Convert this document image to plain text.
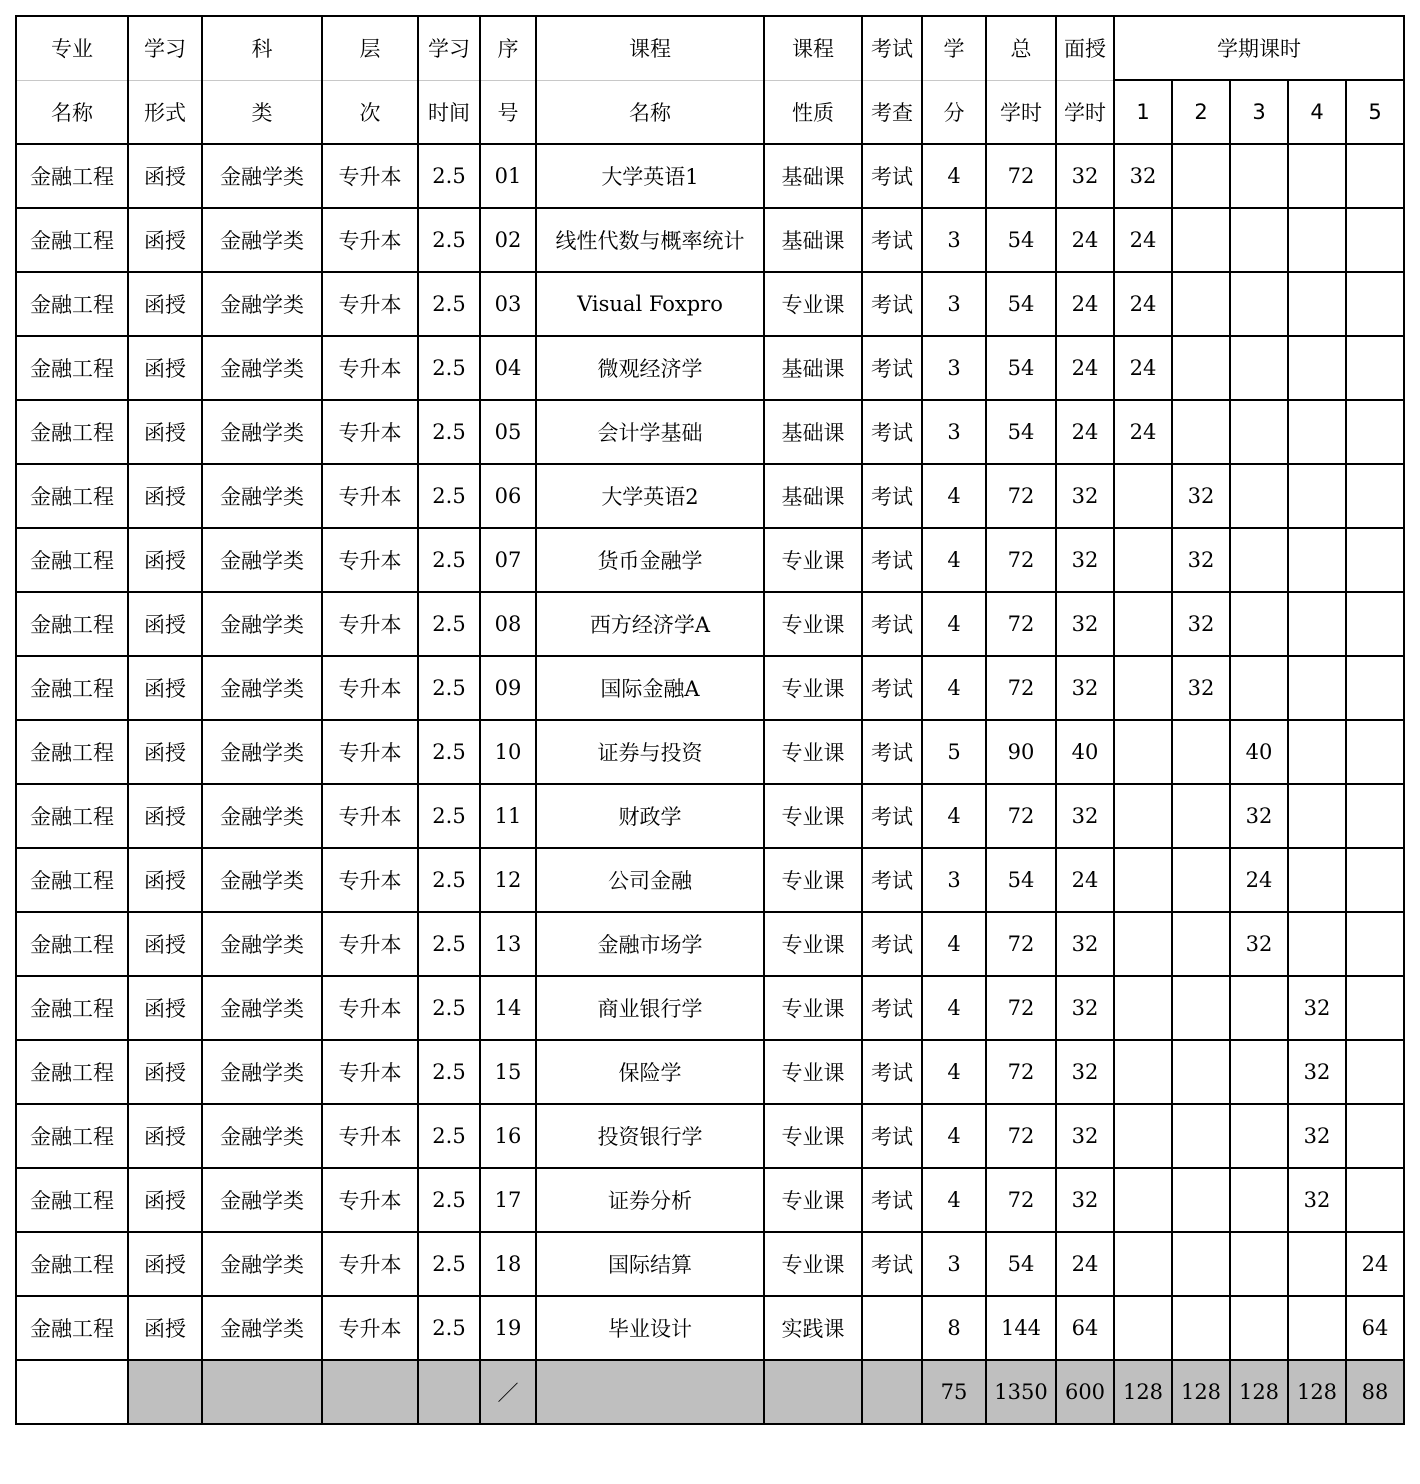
专业	学习	科	层	学习	序	课程	课程	考试	学	总	面授	学期课时				
名称	形式	类	次	时间	号	名称	性质	考查	分	学时	学时	1	2	3	4	5
金融工程	函授	金融学类	专升本	2.5	01	大学英语1	基础课	考试	4	72	32	32				
金融工程	函授	金融学类	专升本	2.5	02	线性代数与概率统计	基础课	考试	3	54	24	24				
金融工程	函授	金融学类	专升本	2.5	03	Visual Foxpro	专业课	考试	3	54	24	24				
金融工程	函授	金融学类	专升本	2.5	04	微观经济学	基础课	考试	3	54	24	24				
金融工程	函授	金融学类	专升本	2.5	05	会计学基础	基础课	考试	3	54	24	24				
金融工程	函授	金融学类	专升本	2.5	06	大学英语2	基础课	考试	4	72	32		32			
金融工程	函授	金融学类	专升本	2.5	07	货币金融学	专业课	考试	4	72	32		32			
金融工程	函授	金融学类	专升本	2.5	08	西方经济学A	专业课	考试	4	72	32		32			
金融工程	函授	金融学类	专升本	2.5	09	国际金融A	专业课	考试	4	72	32		32			
金融工程	函授	金融学类	专升本	2.5	10	证券与投资	专业课	考试	5	90	40			40		
金融工程	函授	金融学类	专升本	2.5	11	财政学	专业课	考试	4	72	32			32		
金融工程	函授	金融学类	专升本	2.5	12	公司金融	专业课	考试	3	54	24			24		
金融工程	函授	金融学类	专升本	2.5	13	金融市场学	专业课	考试	4	72	32			32		
金融工程	函授	金融学类	专升本	2.5	14	商业银行学	专业课	考试	4	72	32				32	
金融工程	函授	金融学类	专升本	2.5	15	保险学	专业课	考试	4	72	32				32	
金融工程	函授	金融学类	专升本	2.5	16	投资银行学	专业课	考试	4	72	32				32	
金融工程	函授	金融学类	专升本	2.5	17	证券分析	专业课	考试	4	72	32				32	
金融工程	函授	金融学类	专升本	2.5	18	国际结算	专业课	考试	3	54	24					24
金融工程	函授	金融学类	专升本	2.5	19	毕业设计	实践课		8	144	64					64
					／				75	1350	600	128	128	128	128	88
